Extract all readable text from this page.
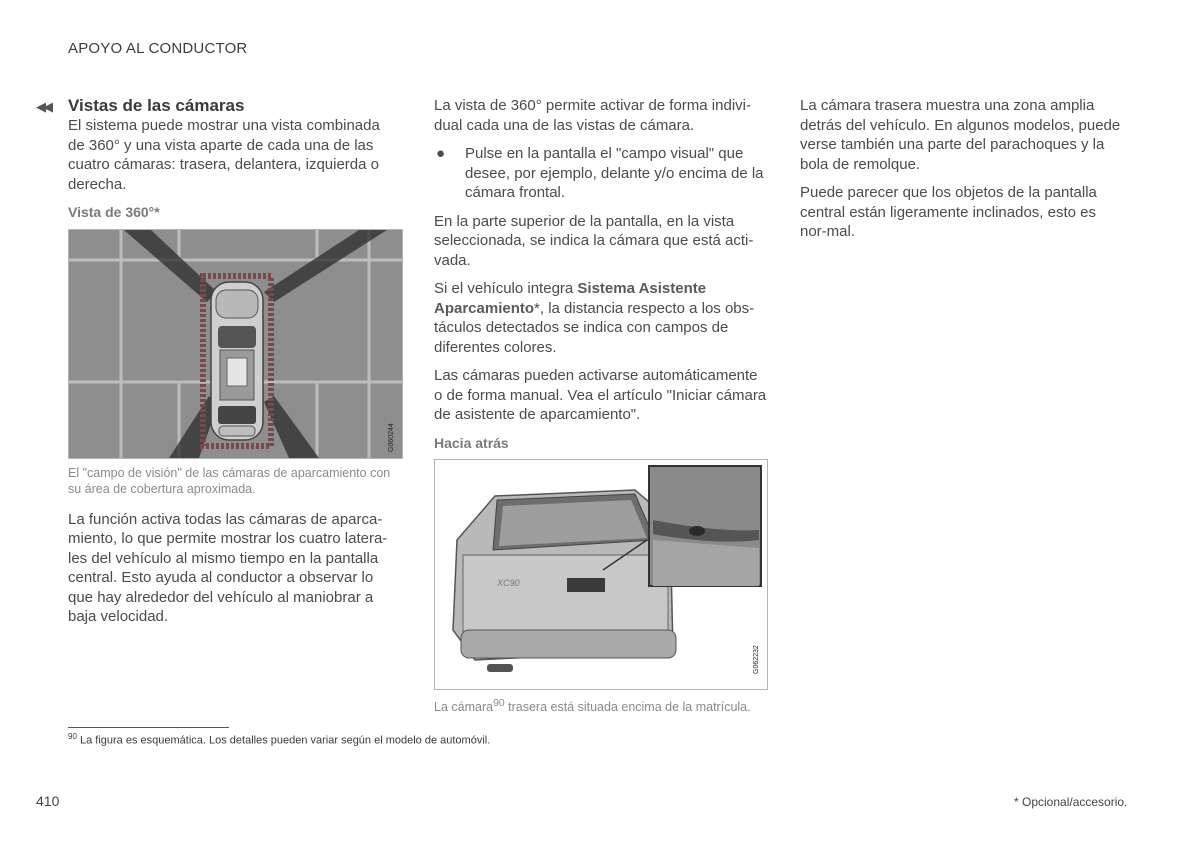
APOYO AL CONDUCTOR
◀◀ Vistas de las cámaras

El sistema puede mostrar una vista combinada de 360° y una vista aparte de cada una de las cuatro cámaras: trasera, delantera, izquierda o derecha.

Vista de 360°*
G060244
El "campo de visión" de las cámaras de aparcamiento con su área de cobertura aproximada.

La función activa todas las cámaras de aparca-miento, lo que permite mostrar los cuatro latera-les del vehículo al mismo tiempo en la pantalla central. Esto ayuda al conductor a observar lo que hay alrededor del vehículo al maniobrar a baja velocidad.

La vista de 360° permite activar de forma indivi-dual cada una de las vistas de cámara.

●	Pulse en la pantalla el "campo visual" que desee, por ejemplo, delante y/o encima de la cámara frontal.

En la parte superior de la pantalla, en la vista seleccionada, se indica la cámara que está acti-vada.

Si el vehículo integra Sistema Asistente Aparcamiento*, la distancia respecto a los obs-táculos detectados se indica con campos de diferentes colores.

Las cámaras pueden activarse automáticamente o de forma manual. Vea el artículo "Iniciar cámara de asistente de aparcamiento".

Hacia atrás
XC90
G062232
La cámara$^{90}$ trasera está situada encima de la matrícula.

La cámara trasera muestra una zona amplia detrás del vehículo. En algunos modelos, puede verse también una parte del parachoques y la bola de remolque.

Puede parecer que los objetos de la pantalla central están ligeramente inclinados, esto es nor-mal.

$^{90}$ La figura es esquemática. Los detalles pueden variar según el modelo de automóvil.
410	* Opcional/accesorio.
